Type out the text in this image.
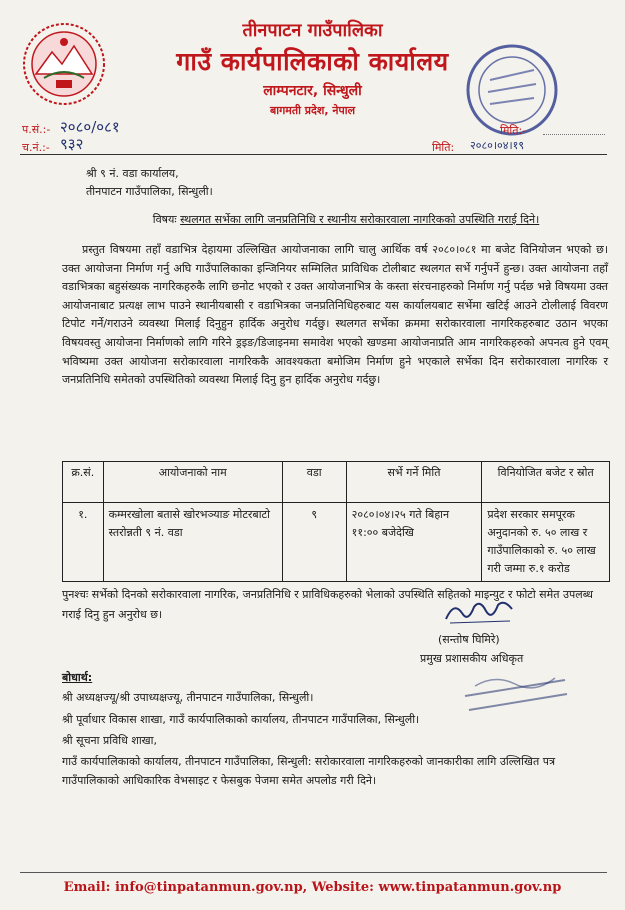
तीनपाटन गाउँपालिका
गाउँ कार्यपालिकाको कार्यालय
लाम्पनटार, सिन्धुली
बागमती प्रदेश, नेपाल
प.सं.:- २०८०/०८१
च.नं.:- ९३२
मिति:-
मिति: २०८०।०४।१९
श्री ९ नं. वडा कार्यालय,
तीनपाटन गाउँपालिका, सिन्धुली।
विषयः स्थलगत सर्भेका लागि जनप्रतिनिधि र स्थानीय सरोकारवाला नागरिकको उपस्थिति गराई दिने।
प्रस्तुत विषयमा तहाँ वडाभित्र देहायमा उल्लिखित आयोजनाका लागि चालु आर्थिक वर्ष २०८०।०८१ मा बजेट विनियोजन भएको छ। उक्त आयोजना निर्माण गर्नु अघि गाउँपालिकाका इन्जिनियर सम्मिलित प्राविधिक टोलीबाट स्थलगत सर्भे गर्नुपर्ने हुन्छ। उक्त आयोजना तहाँ वडाभित्रका बहुसंख्यक नागरिकहरुकै लागि छनोट भएको र उक्त आयोजनाभित्र के कस्ता संरचनाहरुको निर्माण गर्नु पर्दछ भन्ने विषयमा उक्त आयोजनाबाट प्रत्यक्ष लाभ पाउने स्थानीयबासी र वडाभित्रका जनप्रतिनिधिहरुबाट यस कार्यालयबाट सर्भेमा खटिई आउने टोलीलाई विवरण टिपोट गर्ने/गराउने व्यवस्था मिलाई दिनुहुन हार्दिक अनुरोध गर्दछु। स्थलगत सर्भेका क्रममा सरोकारवाला नागरिकहरुबाट उठान भएका विषयवस्तु आयोजना निर्माणको लागि गरिने ड्रइङ/डिजाइनमा समावेश भएको खण्डमा आयोजनाप्रति आम नागरिकहरुको अपनत्व हुने एवम् भविष्यमा उक्त आयोजना सरोकारवाला नागरिककै आवश्यकता बमोजिम निर्माण हुने भएकाले सर्भेका दिन सरोकारवाला नागरिक र जनप्रतिनिधि समेतको उपस्थितिको व्यवस्था मिलाई दिनु हुन हार्दिक अनुरोध गर्दछु।
क्र.सं.	आयोजनाको नाम	वडा	सर्भे गर्ने मिति	विनियोजित बजेट र स्रोत
१.	कम्मरखोला बतासे खोरभञ्याङ मोटरबाटो स्तरोन्नती ९ नं. वडा	९	२०८०।०४।२५ गते बिहान ११:०० बजेदेखि	प्रदेश सरकार समपूरक अनुदानको रु. ५० लाख र गाउँपालिकाको रु. ५० लाख गरी जम्मा रु.१ करोड
पुनश्चः सर्भेको दिनको सरोकारवाला नागरिक, जनप्रतिनिधि र प्राविधिकहरुको भेलाको उपस्थिति सहितको माइन्युट र फोटो समेत उपलब्ध गराई दिनु हुन अनुरोध छ।
(सन्तोष घिमिरे)
प्रमुख प्रशासकीय अधिकृत
बोधार्थ:
श्री अध्यक्षज्यू/श्री उपाध्यक्षज्यू, तीनपाटन गाउँपालिका, सिन्धुली।
श्री पूर्वाधार विकास शाखा, गाउँ कार्यपालिकाको कार्यालय, तीनपाटन गाउँपालिका, सिन्धुली।
श्री सूचना प्रविधि शाखा,
गाउँ कार्यपालिकाको कार्यालय, तीनपाटन गाउँपालिका, सिन्धुली: सरोकारवाला नागरिकहरुको जानकारीका लागि उल्लिखित पत्र गाउँपालिकाको आधिकारिक वेभसाइट र फेसबुक पेजमा समेत अपलोड गरी दिने।
Email: info@tinpatanmun.gov.np, Website: www.tinpatanmun.gov.np
